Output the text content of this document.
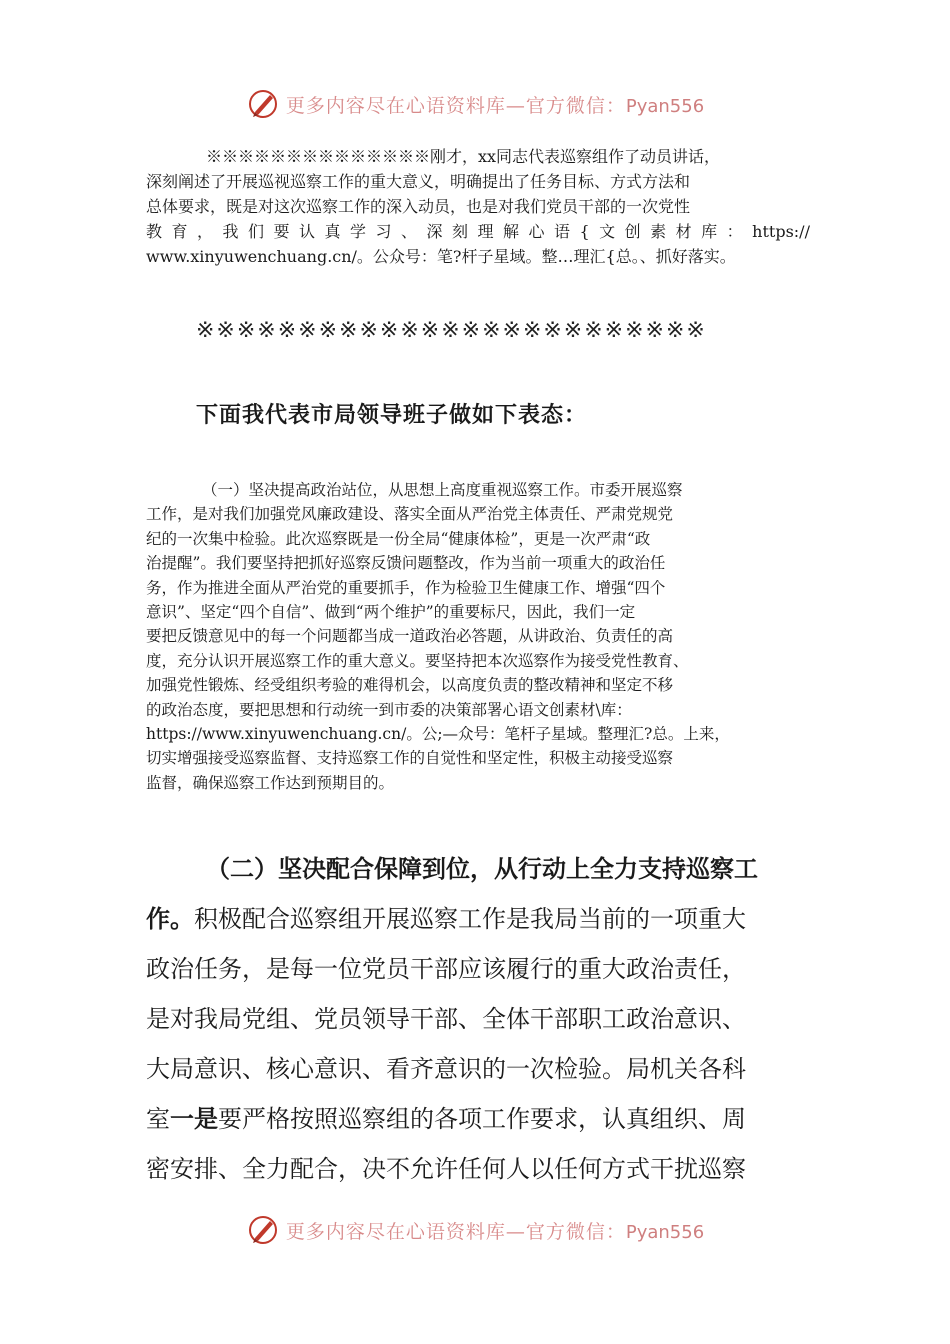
更多内容尽在心语资料库—官方微信：Pyan556
※※※※※※※※※※※※※※刚才，xx同志代表巡察组作了动员讲话，
深刻阐述了开展巡视巡察工作的重大意义，明确提出了任务目标、方式方法和
总体要求，既是对这次巡察工作的深入动员，也是对我们党员干部的一次党性
教 育 ， 我 们 要 认 真 学 习 、 深 刻 理 解 心 语 { 文 创 素 材 库 ： https://
www.xinyuwenchuang.cn/。公众号：笔?杆子星域。整…理汇{总。、抓好落实。
※※※※※※※※※※※※※※※※※※※※※※※※※
下面我代表市局领导班子做如下表态：
（一）坚决提高政治站位，从思想上高度重视巡察工作。市委开展巡察
工作，是对我们加强党风廉政建设、落实全面从严治党主体责任、严肃党规党
纪的一次集中检验。此次巡察既是一份全局“健康体检”，更是一次严肃“政
治提醒”。我们要坚持把抓好巡察反馈问题整改，作为当前一项重大的政治任
务，作为推进全面从严治党的重要抓手，作为检验卫生健康工作、增强“四个
意识”、坚定“四个自信”、做到“两个维护”的重要标尺，因此，我们一定
要把反馈意见中的每一个问题都当成一道政治必答题，从讲政治、负责任的高
度，充分认识开展巡察工作的重大意义。要坚持把本次巡察作为接受党性教育、
加强党性锻炼、经受组织考验的难得机会，以高度负责的整改精神和坚定不移
的政治态度，要把思想和行动统一到市委的决策部署心语文创素材\库：
https://www.xinyuwenchuang.cn/。公;—众号：笔杆子星域。整理汇?总。上来，
切实增强接受巡察监督、支持巡察工作的自觉性和坚定性，积极主动接受巡察
监督，确保巡察工作达到预期目的。
（二）坚决配合保障到位，从行动上全力支持巡察工
作。积极配合巡察组开展巡察工作是我局当前的一项重大
政治任务，是每一位党员干部应该履行的重大政治责任，
是对我局党组、党员领导干部、全体干部职工政治意识、
大局意识、核心意识、看齐意识的一次检验。局机关各科
室一是要严格按照巡察组的各项工作要求，认真组织、周
密安排、全力配合，决不允许任何人以任何方式干扰巡察
更多内容尽在心语资料库—官方微信：Pyan556
